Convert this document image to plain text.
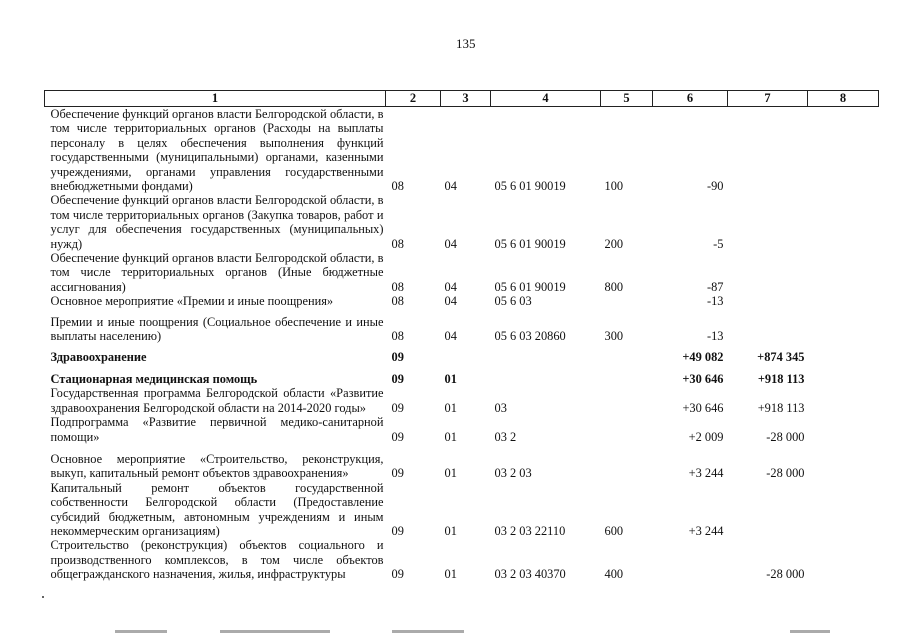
135
1	2	3	4	5	6	7	8
Обеспечение функций органов власти Белгородской области, в том числе территориальных органов (Расходы на выплаты персоналу в целях обеспечения выполнения функций государственными (муниципальными) органами, казенными учреждениями, органами управления государственными внебюджетными фондами)	08	04	05 6 01 90019	100	-90		
Обеспечение функций органов власти Белгородской области, в том числе территориальных органов (Закупка товаров, работ и услуг для обеспечения государственных (муниципальных) нужд)	08	04	05 6 01 90019	200	-5		
Обеспечение функций органов власти Белгородской области, в том числе территориальных органов (Иные бюджетные ассигнования)	08	04	05 6 01 90019	800	-87		
Основное мероприятие «Премии и иные поощрения»	08	04	05 6 03		-13		

Премии и иные поощрения (Социальное обеспечение и иные выплаты населению)	08	04	05 6 03 20860	300	-13		

Здравоохранение	09				+49 082	+874 345	

Стационарная медицинская помощь	09	01			+30 646	+918 113	
Государственная программа Белгородской области «Развитие здравоохранения Белгородской области на 2014-2020 годы»	09	01	03		+30 646	+918 113	
Подпрограмма «Развитие первичной медико-санитарной помощи»	09	01	03 2		+2 009	-28 000	

Основное мероприятие «Строительство, реконструкция, выкуп, капитальный ремонт объектов здравоохранения»	09	01	03 2 03		+3 244	-28 000	
Капитальный ремонт объектов государственной собственности Белгородской области (Предоставление субсидий бюджетным, автономным учреждениям и иным некоммерческим организациям)	09	01	03 2 03 22110	600	+3 244		
Строительство (реконструкция) объектов социального и производственного комплексов, в том числе объектов общегражданского назначения, жилья, инфраструктуры	09	01	03 2 03 40370	400		-28 000	
